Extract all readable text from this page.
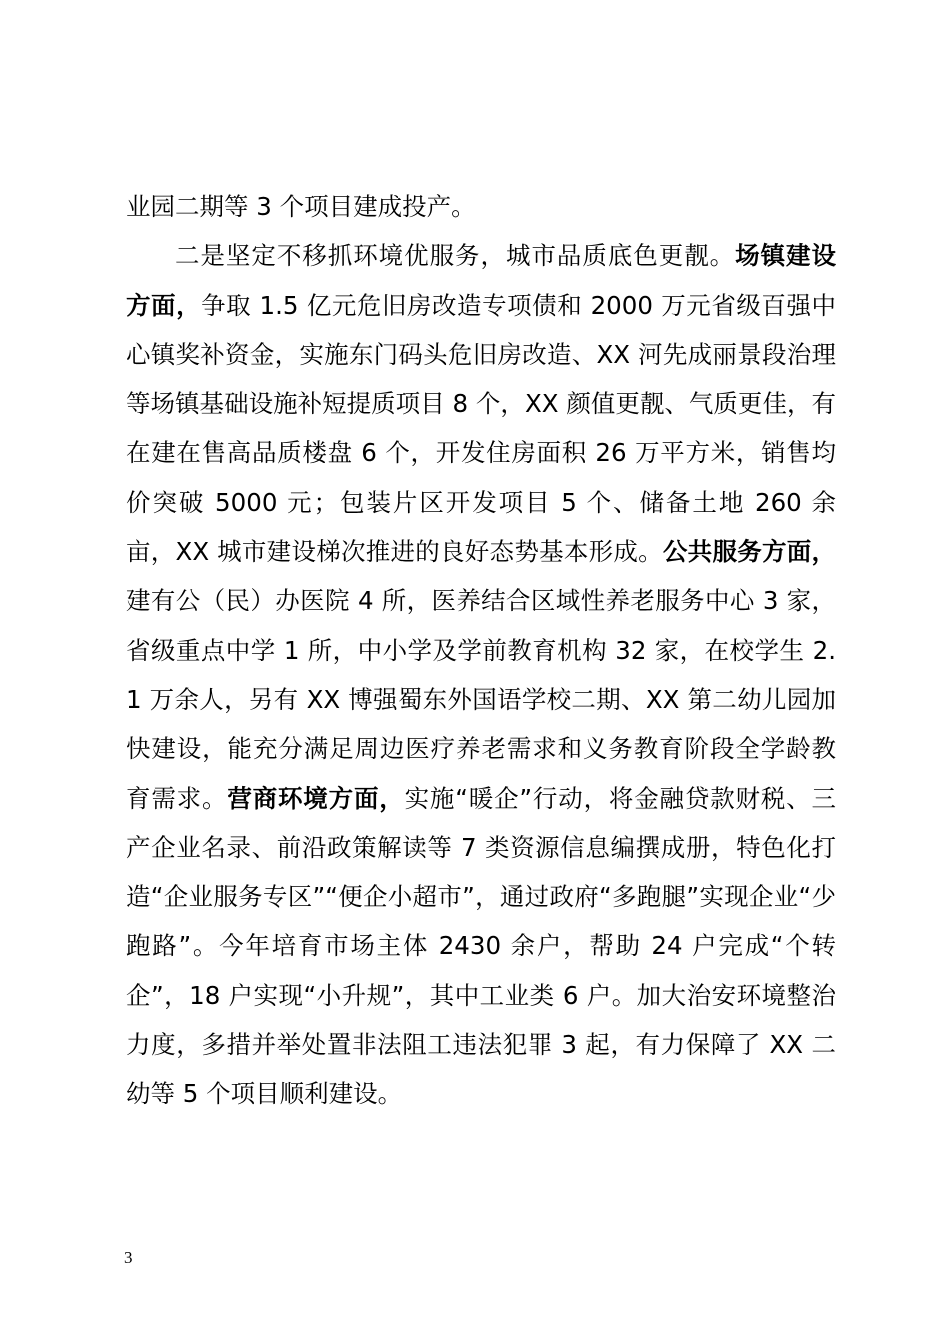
业园二期等 3 个项目建成投产。

二是坚定不移抓环境优服务，城市品质底色更靓。场镇建设方面，争取 1.5 亿元危旧房改造专项债和 2000 万元省级百强中心镇奖补资金，实施东门码头危旧房改造、XX 河先成丽景段治理等场镇基础设施补短提质项目 8 个，XX 颜值更靓、气质更佳，有在建在售高品质楼盘 6 个，开发住房面积 26 万平方米，销售均价突破 5000 元；包装片区开发项目 5 个、储备土地 260 余亩，XX 城市建设梯次推进的良好态势基本形成。公共服务方面，建有公（民）办医院 4 所，医养结合区域性养老服务中心 3 家，省级重点中学 1 所，中小学及学前教育机构 32 家，在校学生 2.1 万余人，另有 XX 博强蜀东外国语学校二期、XX 第二幼儿园加快建设，能充分满足周边医疗养老需求和义务教育阶段全学龄教育需求。营商环境方面，实施“暖企”行动，将金融贷款财税、三产企业名录、前沿政策解读等 7 类资源信息编撰成册，特色化打造“企业服务专区”“便企小超市”，通过政府“多跑腿”实现企业“少跑路”。今年培育市场主体 2430 余户，帮助 24 户完成“个转企”，18 户实现“小升规”，其中工业类 6 户。加大治安环境整治力度，多措并举处置非法阻工违法犯罪 3 起，有力保障了 XX 二幼等 5 个项目顺利建设。

3
